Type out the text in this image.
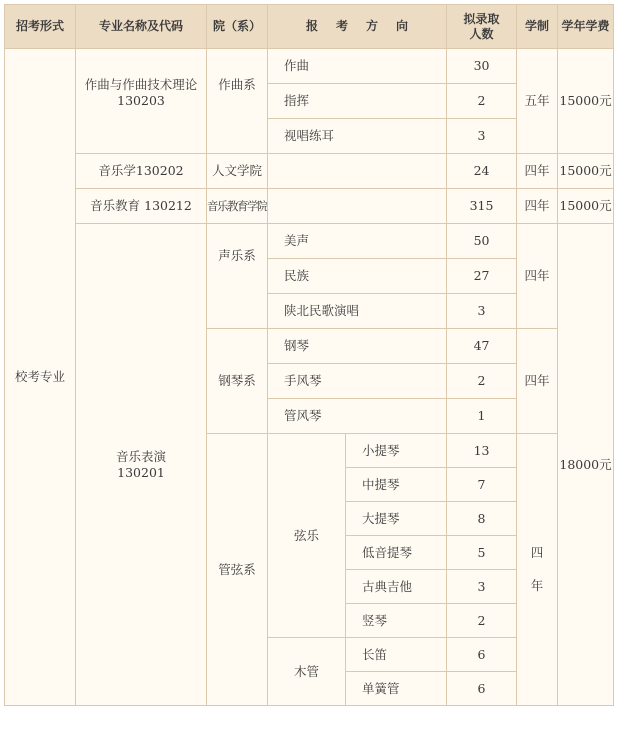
招考形式	专业名称及代码	院（系）	报考方向		拟录取人数	学制	学年学费
校考专业	作曲与作曲技术理论 130203	作曲系	作曲		30	五年	15000元
			指挥		2		
			视唱练耳		3		
	音乐学130202	人文学院			24	四年	15000元
	音乐教育 130212	音乐教育学院			315	四年	15000元
	音乐表演 130201	声乐系	美声		50	四年	18000元
			民族		27		
			陕北民歌演唱		3		
		钢琴系	钢琴		47	四年	
			手风琴		2		
			管风琴		1		
		管弦系	弦乐	小提琴	13	四 年	
				中提琴	7		
				大提琴	8		
				低音提琴	5		
				古典吉他	3		
				竖琴	2		
			木管	长笛	6		
				单簧管	6		
